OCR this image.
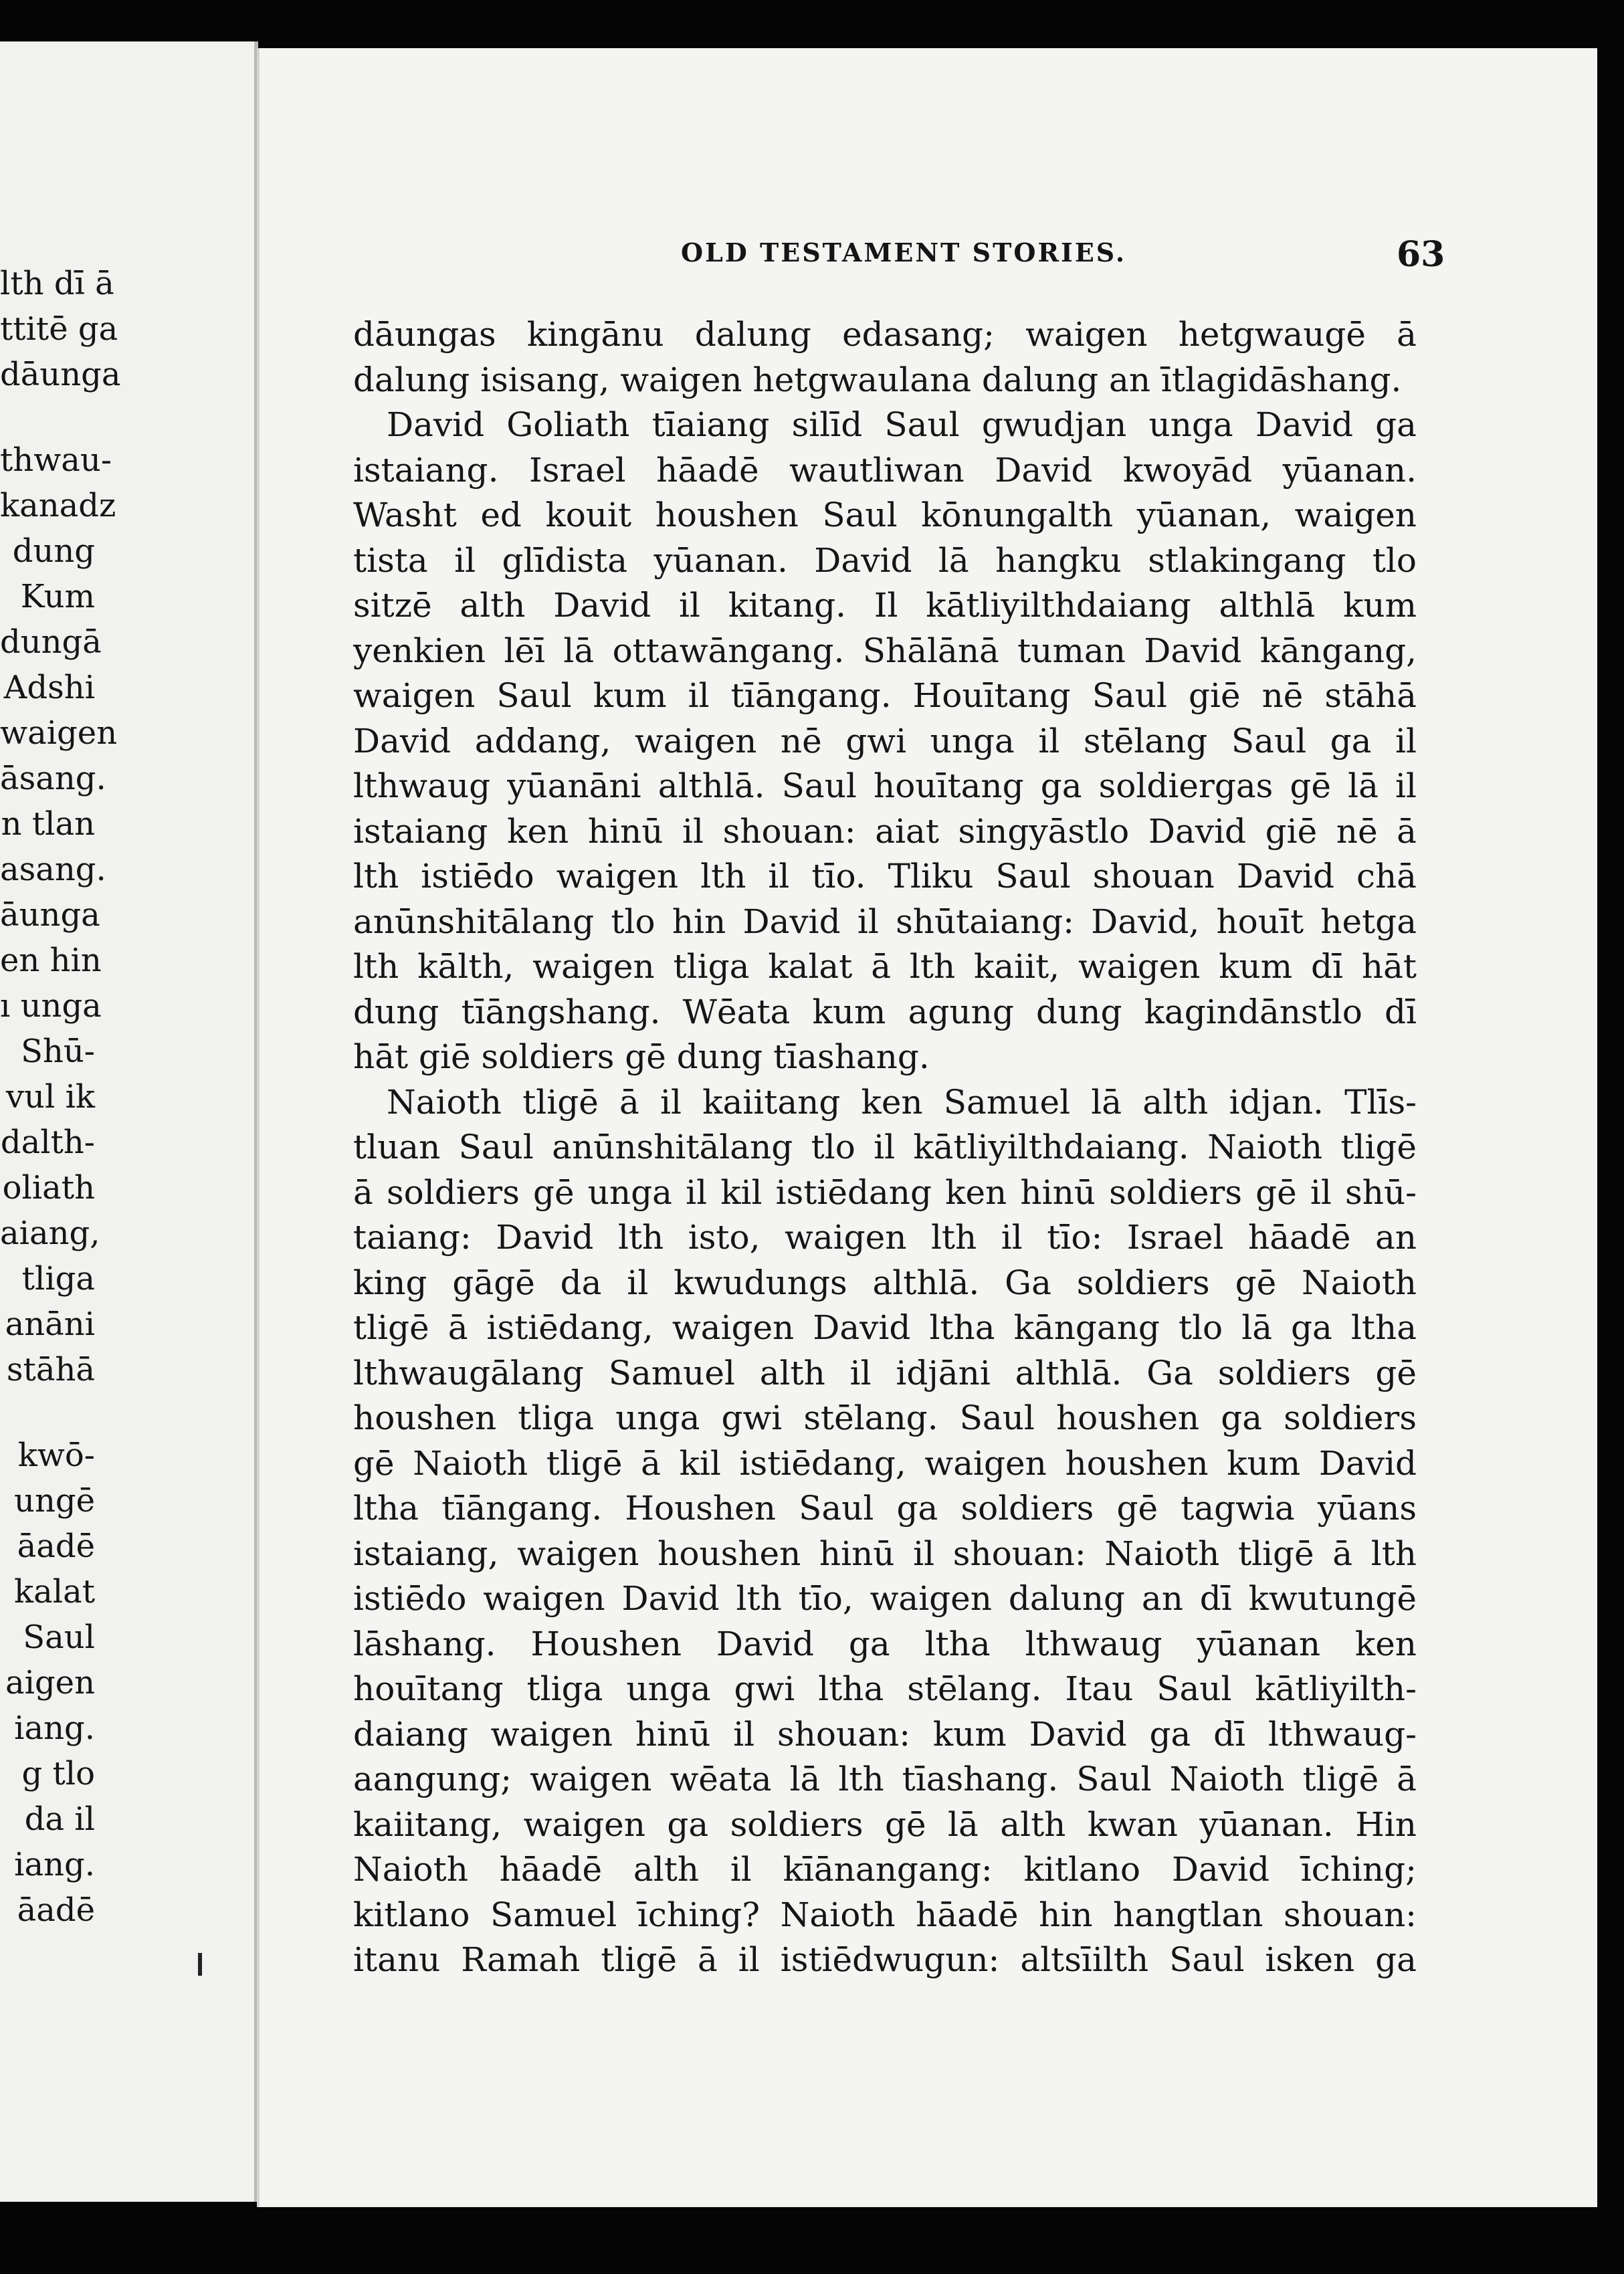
lth dī ā
ttitē ga
dāunga
thwau-
kanadz
dung
Kum
dungā
Adshi
waigen
āsang.
n tlan
asang.
āunga
en hin
ı unga
Shū-
vul ik
dalth-
oliath
aiang,
tliga
anāni
stāhā
kwō-
ungē
āadē
kalat
Saul
aigen
iang.
g tlo
da il
iang.
āadē
OLD TESTAMENT STORIES.	63
dāungas kingānu dalung edasang; waigen hetgwaugē ā
dalung isisang, waigen hetgwaulana dalung an ītlagidāshang.
David Goliath tīaiang silīd Saul gwudjan unga David ga
istaiang. Israel hāadē wautliwan David kwoyād yūanan.
Washt ed kouit houshen Saul kōnungalth yūanan, waigen
tista il glīdista yūanan. David lā hangku stlakingang tlo
sitzē alth David il kitang. Il kātliyilthdaiang althlā kum
yenkien lēī lā ottawāngang. Shālānā tuman David kāngang,
waigen Saul kum il tīāngang. Houītang Saul giē nē stāhā
David addang, waigen nē gwi unga il stēlang Saul ga il
lthwaug yūanāni althlā. Saul houītang ga soldiergas gē lā il
istaiang ken hinū il shouan: aiat singyāstlo David giē nē ā
lth istiēdo waigen lth il tīo. Tliku Saul shouan David chā
anūnshitālang tlo hin David il shūtaiang: David, houīt hetga
lth kālth, waigen tliga kalat ā lth kaiit, waigen kum dī hāt
dung tīāngshang. Wēata kum agung dung kagindānstlo dī
hāt giē soldiers gē dung tīashang.
Naioth tligē ā il kaiitang ken Samuel lā alth idjan. Tlīs-
tluan Saul anūnshitālang tlo il kātliyilthdaiang. Naioth tligē
ā soldiers gē unga il kil istiēdang ken hinū soldiers gē il shū-
taiang: David lth isto, waigen lth il tīo: Israel hāadē an
king gāgē da il kwudungs althlā. Ga soldiers gē Naioth
tligē ā istiēdang, waigen David ltha kāngang tlo lā ga ltha
lthwaugālang Samuel alth il idjāni althlā. Ga soldiers gē
houshen tliga unga gwi stēlang. Saul houshen ga soldiers
gē Naioth tligē ā kil istiēdang, waigen houshen kum David
ltha tīāngang. Houshen Saul ga soldiers gē tagwia yūans
istaiang, waigen houshen hinū il shouan: Naioth tligē ā lth
istiēdo waigen David lth tīo, waigen dalung an dī kwutungē
lāshang. Houshen David ga ltha lthwaug yūanan ken
houītang tliga unga gwi ltha stēlang. Itau Saul kātliyilth-
daiang waigen hinū il shouan: kum David ga dī lthwaug-
aangung; waigen wēata lā lth tīashang. Saul Naioth tligē ā
kaiitang, waigen ga soldiers gē lā alth kwan yūanan. Hin
Naioth hāadē alth il kīānangang: kitlano David īching;
kitlano Samuel īching? Naioth hāadē hin hangtlan shouan:
itanu Ramah tligē ā il istiēdwugun: altsīilth Saul isken ga
